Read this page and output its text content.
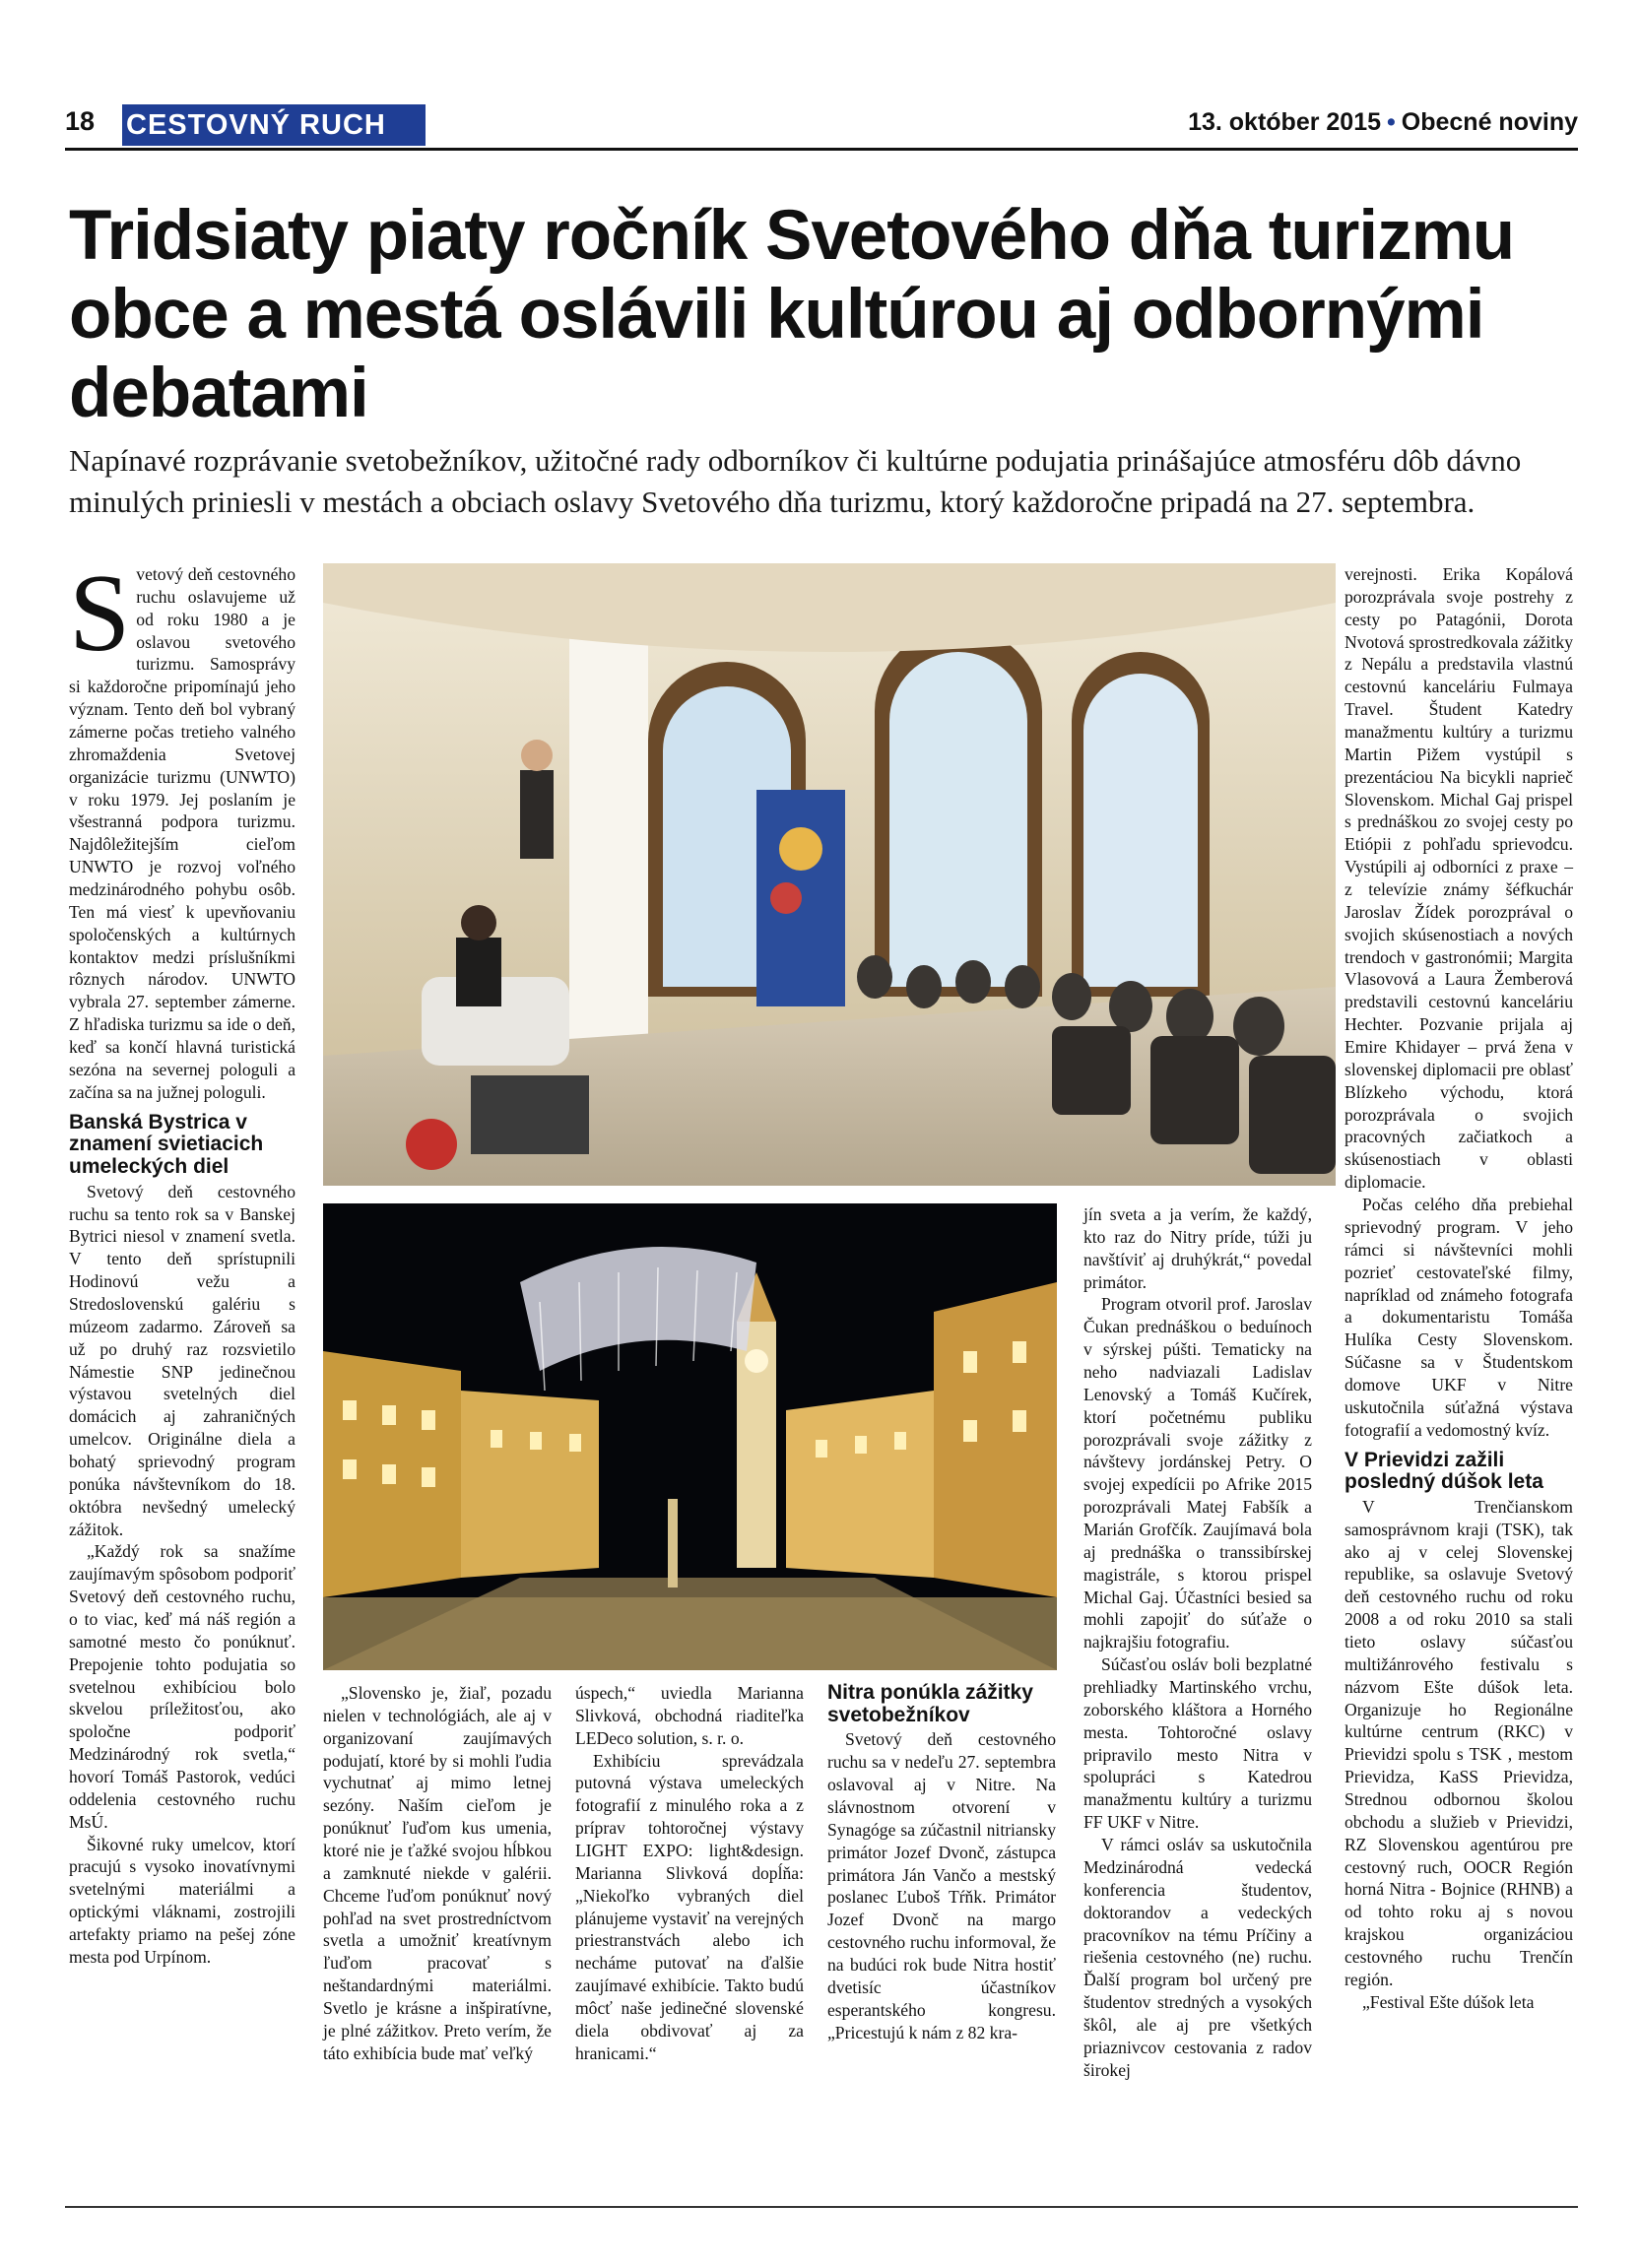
18 CESTOVNÝ RUCH	13. október 2015 • Obecné noviny
Tridsiaty piaty ročník Svetového dňa turizmu obce a mestá oslávili kultúrou aj odbornými debatami

Napínavé rozprávanie svetobežníkov, užitočné rady odborníkov či kultúrne podujatia prinášajúce atmosféru dôb dávno minulých priniesli v mestách a obciach oslavy Svetového dňa turizmu, ktorý každoročne pripadá na 27. septembra.

Svetový deň cestovného ruchu oslavujeme už od roku 1980 a je oslavou svetového turizmu. Samosprávy si každoročne pripomínajú jeho význam. Tento deň bol vybraný zámerne počas tretieho valného zhromaždenia Svetovej organizácie turizmu (UNWTO) v roku 1979. Jej poslaním je všestranná podpora turizmu. Najdôležitejším cieľom UNWTO je rozvoj voľného medzinárodného pohybu osôb. Ten má viesť k upevňovaniu spoločenských a kultúrnych kontaktov medzi príslušníkmi rôznych národov. UNWTO vybrala 27. september zámerne. Z hľadiska turizmu sa ide o deň, keď sa končí hlavná turistická sezóna na severnej pologuli a začína sa na južnej pologuli.

Banská Bystrica v znamení svietiacich umeleckých diel

Svetový deň cestovného ruchu sa tento rok sa v Banskej Bytrici niesol v znamení svetla. V tento deň sprístupnili Hodinovú vežu a Stredoslovenskú galériu s múzeom zadarmo. Zároveň sa už po druhý raz rozsvietilo Námestie SNP jedinečnou výstavou svetelných diel domácich aj zahraničných umelcov. Originálne diela a bohatý sprievodný program ponúka návštevníkom do 18. októbra nevšedný umelecký zážitok.

„Každý rok sa snažíme zaujímavým spôsobom podporiť Svetový deň cestovného ruchu, o to viac, keď má náš región a samotné mesto čo ponúknuť. Prepojenie tohto podujatia so svetelnou exhibíciou bolo skvelou príležitosťou, ako spoločne podporiť Medzinárodný rok svetla,“ hovorí Tomáš Pastorok, vedúci oddelenia cestovného ruchu MsÚ.

Šikovné ruky umelcov, ktorí pracujú s vysoko inovatívnymi svetelnými materiálmi a optickými vláknami, zostrojili artefakty priamo na pešej zóne mesta pod Urpínom.

„Slovensko je, žiaľ, pozadu nielen v technológiách, ale aj v organizovaní zaujímavých podujatí, ktoré by si mohli ľudia vychutnať aj mimo letnej sezóny. Naším cieľom je ponúknuť ľuďom kus umenia, ktoré nie je ťažké svojou hĺbkou a zamknuté niekde v galérii. Chceme ľuďom ponúknuť nový pohľad na svet prostredníctvom svetla a umožniť kreatívnym ľuďom pracovať s neštandardnými materiálmi. Svetlo je krásne a inšpiratívne, je plné zážitkov. Preto verím, že táto exhibícia bude mať veľký

úspech,“ uviedla Marianna Slivková, obchodná riaditeľka LEDeco solution, s. r. o.

Exhibíciu sprevádzala putovná výstava umeleckých fotografií z minulého roka a z príprav tohtoročnej výstavy LIGHT EXPO: light&design. Marianna Slivková dopĺňa: „Niekoľko vybraných diel plánujeme vystaviť na verejných priestranstvách alebo ich necháme putovať na ďalšie zaujímavé exhibície. Takto budú môcť naše jedinečné slovenské diela obdivovať aj za hranicami.“

Nitra ponúkla zážitky svetobežníkov

Svetový deň cestovného ruchu sa v nedeľu 27. septembra oslavoval aj v Nitre. Na slávnostnom otvorení v Synagóge sa zúčastnil nitriansky primátor Jozef Dvonč, zástupca primátora Ján Vančo a mestský poslanec Ľuboš Tŕňk. Primátor Jozef Dvonč na margo cestovného ruchu informoval, že na budúci rok bude Nitra hostiť dvetisíc účastníkov esperantského kongresu. „Pricestujú k nám z 82 kra-

jín sveta a ja verím, že každý, kto raz do Nitry príde, túži ju navštíviť aj druhýkrát,“ povedal primátor.

Program otvoril prof. Jaroslav Čukan prednáškou o beduínoch v sýrskej púšti. Tematicky na neho nadviazali Ladislav Lenovský a Tomáš Kučírek, ktorí početnému publiku porozprávali svoje zážitky z návštevy jordánskej Petry. O svojej expedícii po Afrike 2015 porozprávali Matej Fabšík a Marián Grofčík. Zaujímavá bola aj prednáška o transsibírskej magistrále, s ktorou prispel Michal Gaj. Účastníci besied sa mohli zapojiť do súťaže o najkrajšiu fotografiu.

Súčasťou osláv boli bezplatné prehliadky Martinského vrchu, zoborského kláštora a Horného mesta. Tohtoročné oslavy pripravilo mesto Nitra v spolupráci s Katedrou manažmentu kultúry a turizmu FF UKF v Nitre.

V rámci osláv sa uskutočnila Medzinárodná vedecká konferencia študentov, doktorandov a vedeckých pracovníkov na tému Príčiny a riešenia cestovného (ne) ruchu. Ďalší program bol určený pre študentov stredných a vysokých škôl, ale aj pre všetkých priaznivcov cestovania z radov širokej

verejnosti. Erika Kopálová porozprávala svoje postrehy z cesty po Patagónii, Dorota Nvotová sprostredkovala zážitky z Nepálu a predstavila vlastnú cestovnú kanceláriu Fulmaya Travel. Študent Katedry manažmentu kultúry a turizmu Martin Pižem vystúpil s prezentáciou Na bicykli naprieč Slovenskom. Michal Gaj prispel s prednáškou zo svojej cesty po Etiópii z pohľadu sprievodcu. Vystúpili aj odborníci z praxe – z televízie známy šéfkuchár Jaroslav Žídek porozprával o svojich skúsenostiach a nových trendoch v gastronómii; Margita Vlasovová a Laura Žemberová predstavili cestovnú kanceláriu Hechter. Pozvanie prijala aj Emire Khidayer – prvá žena v slovenskej diplomacii pre oblasť Blízkeho východu, ktorá porozprávala o svojich pracovných začiatkoch a skúsenostiach v oblasti diplomacie.

Počas celého dňa prebiehal sprievodný program. V jeho rámci si návštevníci mohli pozrieť cestovateľské filmy, napríklad od známeho fotografa a dokumentaristu Tomáša Hulíka Cesty Slovenskom. Súčasne sa v Študentskom domove UKF v Nitre uskutočnila súťažná výstava fotografií a vedomostný kvíz.

V Prievidzi zažili posledný dúšok leta

V Trenčianskom samosprávnom kraji (TSK), tak ako aj v celej Slovenskej republike, sa oslavuje Svetový deň cestovného ruchu od roku 2008 a od roku 2010 sa stali tieto oslavy súčasťou multižánrového festivalu s názvom Ešte dúšok leta. Organizuje ho Regionálne kultúrne centrum (RKC) v Prievidzi spolu s TSK , mestom Prievidza, KaSS Prievidza, Strednou odbornou školou obchodu a služieb v Prievidzi, RZ Slovenskou agentúrou pre cestovný ruch, OOCR Región horná Nitra - Bojnice (RHNB) a od tohto roku aj s novou krajskou organizáciou cestovného ruchu Trenčín región.

„Festival Ešte dúšok leta
